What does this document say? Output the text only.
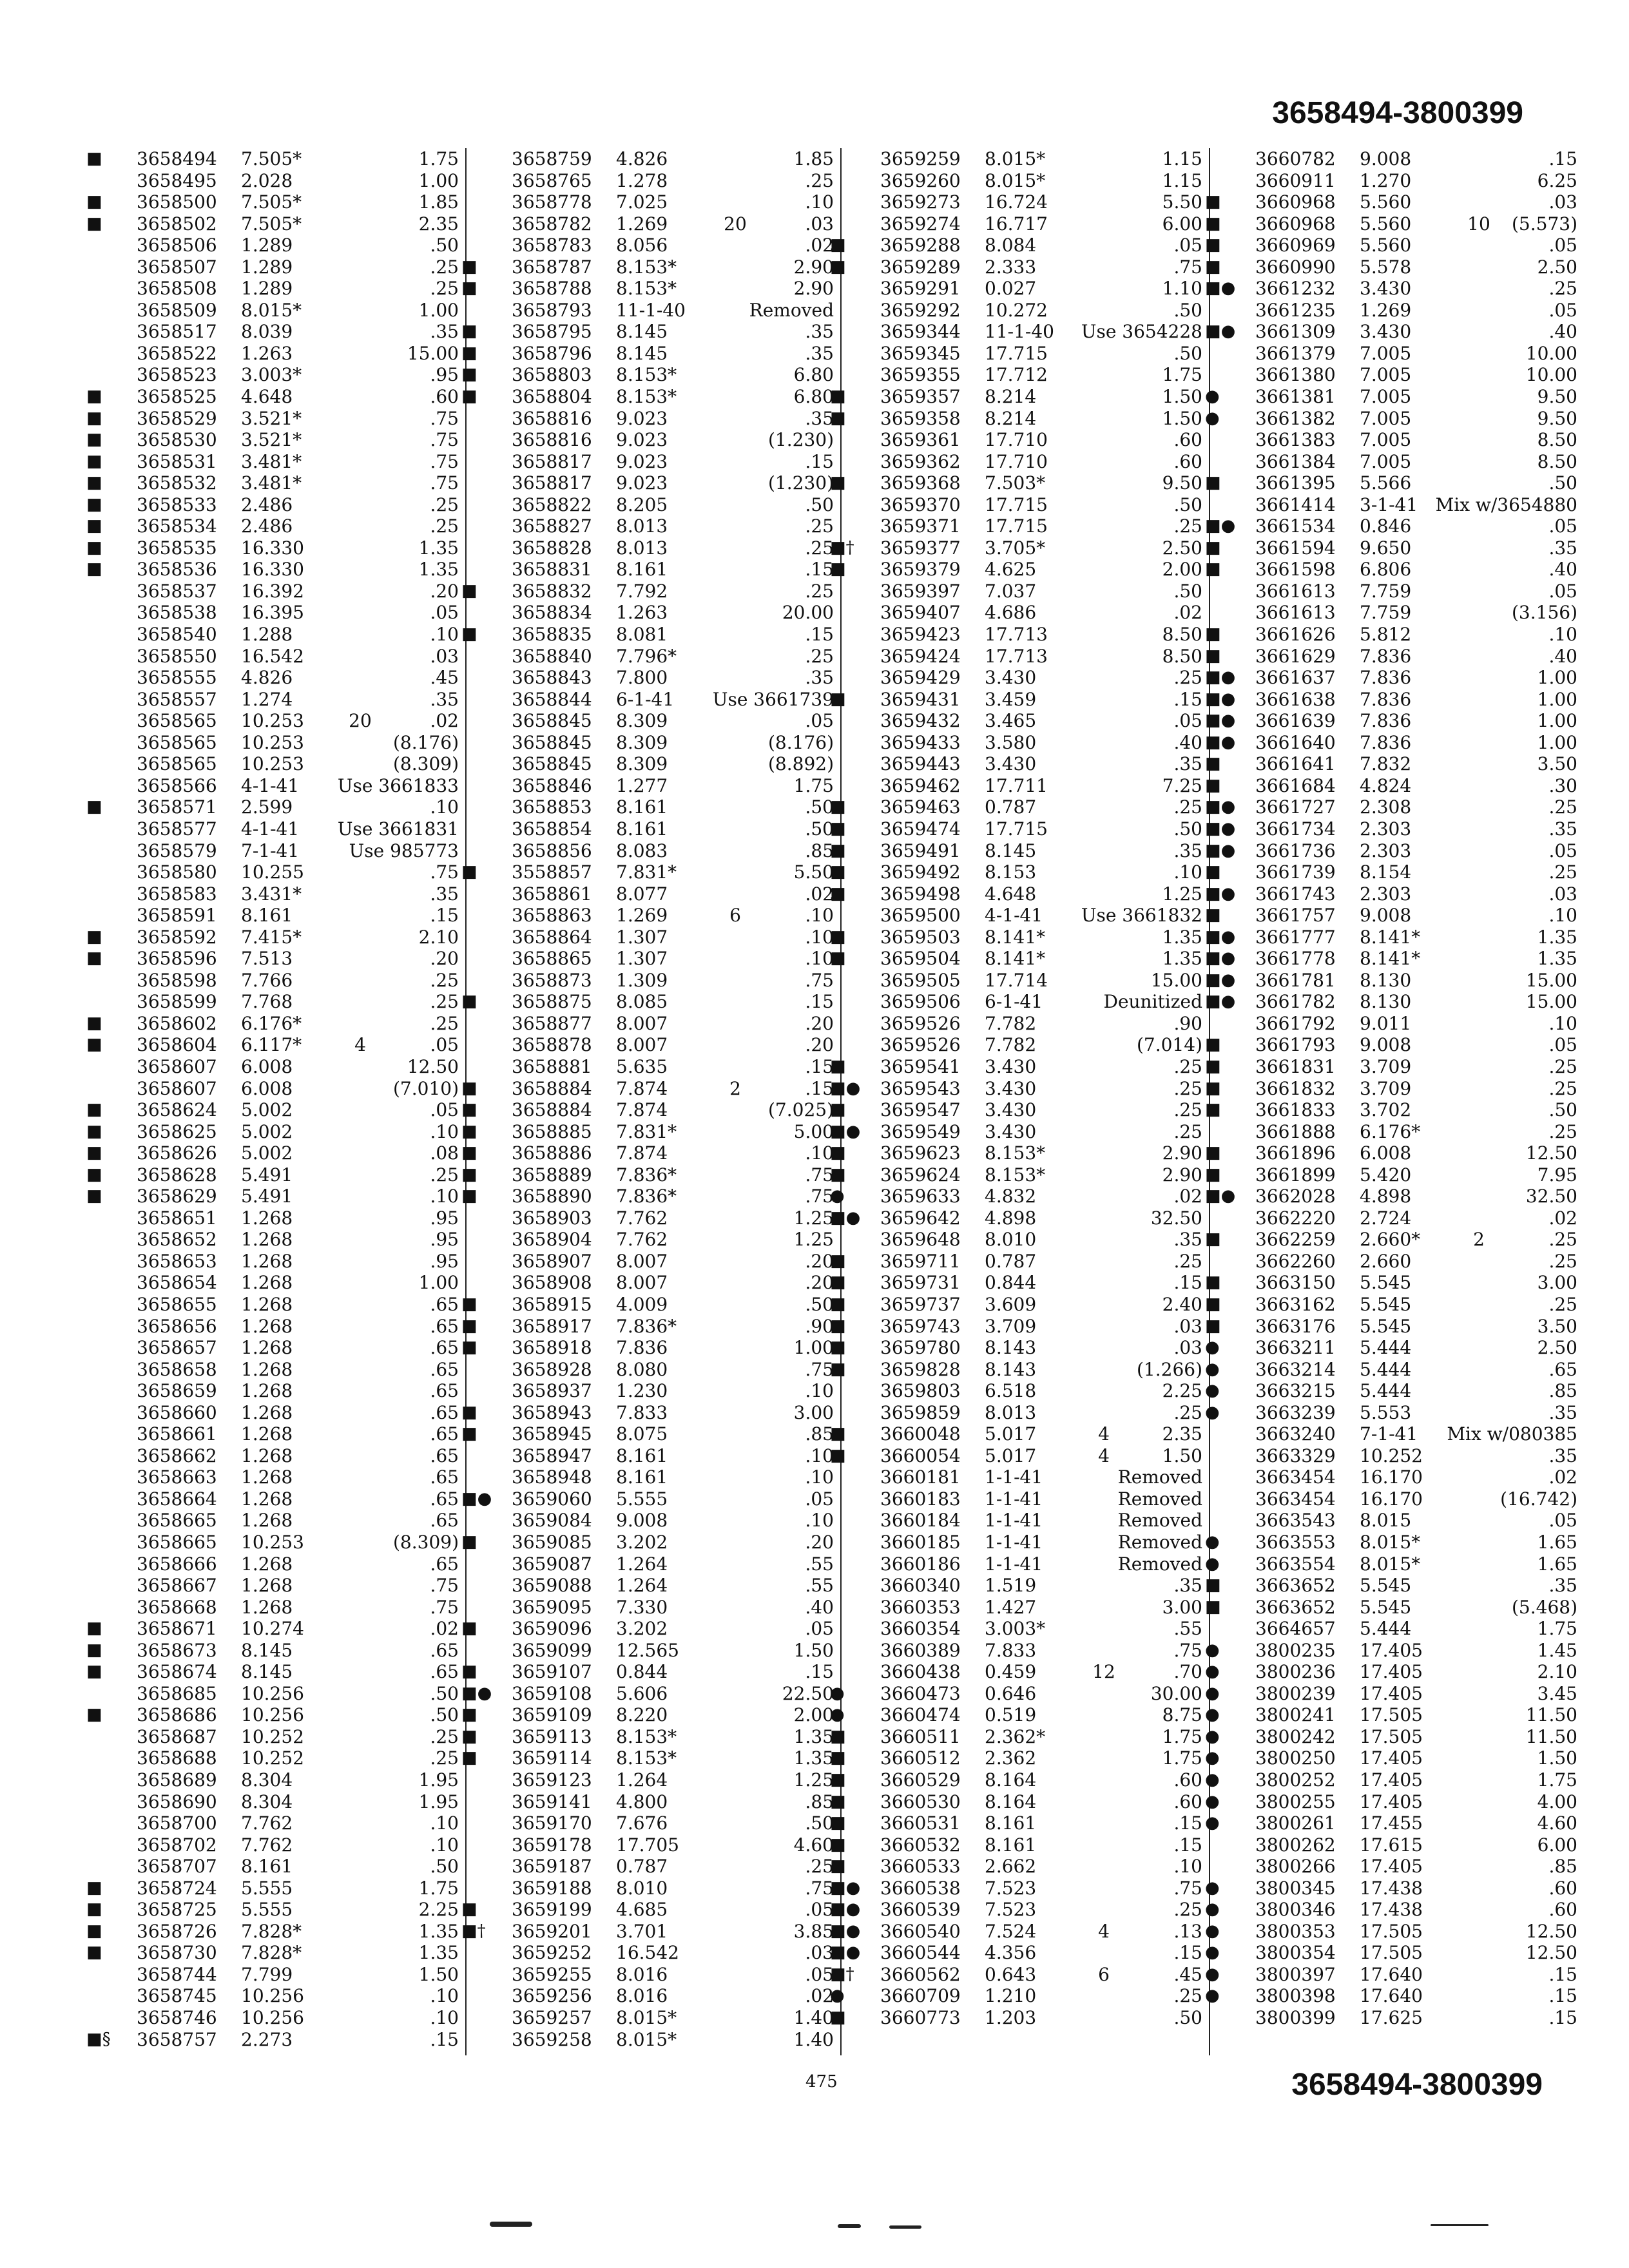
3658494-3800399
■	3658494	7.505*	1.75
3658495	2.028	1.00
■	3658500	7.505*	1.85
■	3658502	7.505*	2.35
3658506	1.289	.50
3658507	1.289	.25
3658508	1.289	.25
3658509	8.015*	1.00
3658517	8.039	.35
3658522	1.263	15.00
3658523	3.003*	.95
■	3658525	4.648	.60
■	3658529	3.521*	.75
■	3658530	3.521*	.75
■	3658531	3.481*	.75
■	3658532	3.481*	.75
■	3658533	2.486	.25
■	3658534	2.486	.25
■	3658535	16.330	1.35
■	3658536	16.330	1.35
3658537	16.392	.20
3658538	16.395	.05
3658540	1.288	.10
3658550	16.542	.03
3658555	4.826	.45
3658557	1.274	.35
3658565	10.253	20	.02
3658565	10.253	(8.176)
3658565	10.253	(8.309)
3658566	4-1-41	Use 3661833
■	3658571	2.599	.10
3658577	4-1-41	Use 3661831
3658579	7-1-41	Use 985773
3658580	10.255	.75
3658583	3.431*	.35
3658591	8.161	.15
■	3658592	7.415*	2.10
■	3658596	7.513	.20
3658598	7.766	.25
3658599	7.768	.25
■	3658602	6.176*	.25
■	3658604	6.117*	4	.05
3658607	6.008	12.50
3658607	6.008	(7.010)
■	3658624	5.002	.05
■	3658625	5.002	.10
■	3658626	5.002	.08
■	3658628	5.491	.25
■	3658629	5.491	.10
3658651	1.268	.95
3658652	1.268	.95
3658653	1.268	.95
3658654	1.268	1.00
3658655	1.268	.65
3658656	1.268	.65
3658657	1.268	.65
3658658	1.268	.65
3658659	1.268	.65
3658660	1.268	.65
3658661	1.268	.65
3658662	1.268	.65
3658663	1.268	.65
3658664	1.268	.65
3658665	1.268	.65
3658665	10.253	(8.309)
3658666	1.268	.65
3658667	1.268	.75
3658668	1.268	.75
■	3658671	10.274	.02
■	3658673	8.145	.65
■	3658674	8.145	.65
3658685	10.256	.50
■	3658686	10.256	.50
3658687	10.252	.25
3658688	10.252	.25
3658689	8.304	1.95
3658690	8.304	1.95
3658700	7.762	.10
3658702	7.762	.10
3658707	8.161	.50
■	3658724	5.555	1.75
■	3658725	5.555	2.25
■	3658726	7.828*	1.35
■	3658730	7.828*	1.35
3658744	7.799	1.50
3658745	10.256	.10
3658746	10.256	.10
■§	3658757	2.273	.15
3658759	4.826	1.85
3658765	1.278	.25
3658778	7.025	.10
3658782	1.269	20	.03
3658783	8.056	.02
■	3658787	8.153*	2.90
■	3658788	8.153*	2.90
3658793	11-1-40	Removed
■	3658795	8.145	.35
■	3658796	8.145	.35
■	3658803	8.153*	6.80
■	3658804	8.153*	6.80
3658816	9.023	.35
3658816	9.023	(1.230)
3658817	9.023	.15
3658817	9.023	(1.230)
3658822	8.205	.50
3658827	8.013	.25
3658828	8.013	.25
3658831	8.161	.15
■	3658832	7.792	.25
3658834	1.263	20.00
■	3658835	8.081	.15
3658840	7.796*	.25
3658843	7.800	.35
3658844	6-1-41	Use 3661739
3658845	8.309	.05
3658845	8.309	(8.176)
3658845	8.309	(8.892)
3658846	1.277	1.75
3658853	8.161	.50
3658854	8.161	.50
3658856	8.083	.85
■	3558857	7.831*	5.50
3658861	8.077	.02
3658863	1.269	6	.10
3658864	1.307	.10
3658865	1.307	.10
3658873	1.309	.75
■	3658875	8.085	.15
3658877	8.007	.20
3658878	8.007	.20
3658881	5.635	.15
■	3658884	7.874	2	.15
■	3658884	7.874	(7.025)
■	3658885	7.831*	5.00
■	3658886	7.874	.10
■	3658889	7.836*	.75
■	3658890	7.836*	.75
3658903	7.762	1.25
3658904	7.762	1.25
3658907	8.007	.20
3658908	8.007	.20
■	3658915	4.009	.50
■	3658917	7.836*	.90
■	3658918	7.836	1.00
3658928	8.080	.75
3658937	1.230	.10
■	3658943	7.833	3.00
■	3658945	8.075	.85
3658947	8.161	.10
3658948	8.161	.10
■●	3659060	5.555	.05
3659084	9.008	.10
■	3659085	3.202	.20
3659087	1.264	.55
3659088	1.264	.55
3659095	7.330	.40
■	3659096	3.202	.05
3659099	12.565	1.50
■	3659107	0.844	.15
■●	3659108	5.606	22.50
■	3659109	8.220	2.00
■	3659113	8.153*	1.35
■	3659114	8.153*	1.35
3659123	1.264	1.25
3659141	4.800	.85
3659170	7.676	.50
3659178	17.705	4.60
3659187	0.787	.25
3659188	8.010	.75
■	3659199	4.685	.05
■†	3659201	3.701	3.85
3659252	16.542	.03
3659255	8.016	.05
3659256	8.016	.02
3659257	8.015*	1.40
3659258	8.015*	1.40
3659259	8.015*	1.15
3659260	8.015*	1.15
3659273	16.724	5.50
3659274	16.717	6.00
■	3659288	8.084	.05
■	3659289	2.333	.75
3659291	0.027	1.10
3659292	10.272	.50
3659344	11-1-40	Use 3654228
3659345	17.715	.50
3659355	17.712	1.75
■	3659357	8.214	1.50
■	3659358	8.214	1.50
3659361	17.710	.60
3659362	17.710	.60
■	3659368	7.503*	9.50
3659370	17.715	.50
3659371	17.715	.25
■†	3659377	3.705*	2.50
■	3659379	4.625	2.00
3659397	7.037	.50
3659407	4.686	.02
3659423	17.713	8.50
3659424	17.713	8.50
3659429	3.430	.25
■	3659431	3.459	.15
3659432	3.465	.05
3659433	3.580	.40
3659443	3.430	.35
3659462	17.711	7.25
■	3659463	0.787	.25
■	3659474	17.715	.50
■	3659491	8.145	.35
■	3659492	8.153	.10
■	3659498	4.648	1.25
3659500	4-1-41	Use 3661832
■	3659503	8.141*	1.35
■	3659504	8.141*	1.35
3659505	17.714	15.00
3659506	6-1-41	Deunitized
3659526	7.782	.90
3659526	7.782	(7.014)
■	3659541	3.430	.25
■●	3659543	3.430	.25
■	3659547	3.430	.25
■●	3659549	3.430	.25
■	3659623	8.153*	2.90
■	3659624	8.153*	2.90
●	3659633	4.832	.02
■●	3659642	4.898	32.50
3659648	8.010	.35
■	3659711	0.787	.25
■	3659731	0.844	.15
■	3659737	3.609	2.40
■	3659743	3.709	.03
■	3659780	8.143	.03
■	3659828	8.143	(1.266)
3659803	6.518	2.25
3659859	8.013	.25
■	3660048	5.017	4	2.35
■	3660054	5.017	4	1.50
3660181	1-1-41	Removed
3660183	1-1-41	Removed
3660184	1-1-41	Removed
3660185	1-1-41	Removed
3660186	1-1-41	Removed
3660340	1.519	.35
3660353	1.427	3.00
3660354	3.003*	.55
3660389	7.833	.75
3660438	0.459	12	.70
●	3660473	0.646	30.00
●	3660474	0.519	8.75
■	3660511	2.362*	1.75
■	3660512	2.362	1.75
■	3660529	8.164	.60
■	3660530	8.164	.60
■	3660531	8.161	.15
■	3660532	8.161	.15
■	3660533	2.662	.10
■●	3660538	7.523	.75
■●	3660539	7.523	.25
■●	3660540	7.524	4	.13
■●	3660544	4.356	.15
■†	3660562	0.643	6	.45
●	3660709	1.210	.25
■	3660773	1.203	.50
3660782	9.008	.15
3660911	1.270	6.25
■	3660968	5.560	.03
■	3660968	5.560	10	(5.573)
■	3660969	5.560	.05
■	3660990	5.578	2.50
■●	3661232	3.430	.25
3661235	1.269	.05
■●	3661309	3.430	.40
3661379	7.005	10.00
3661380	7.005	10.00
●	3661381	7.005	9.50
●	3661382	7.005	9.50
3661383	7.005	8.50
3661384	7.005	8.50
■	3661395	5.566	.50
3661414	3-1-41 Mix w/3654880
■●	3661534	0.846	.05
■	3661594	9.650	.35
■	3661598	6.806	.40
3661613	7.759	.05
3661613	7.759	(3.156)
■	3661626	5.812	.10
■	3661629	7.836	.40
■●	3661637	7.836	1.00
■●	3661638	7.836	1.00
■●	3661639	7.836	1.00
■●	3661640	7.836	1.00
■	3661641	7.832	3.50
■	3661684	4.824	.30
■●	3661727	2.308	.25
■●	3661734	2.303	.35
■●	3661736	2.303	.05
■	3661739	8.154	.25
■●	3661743	2.303	.03
■	3661757	9.008	.10
■●	3661777	8.141*	1.35
■●	3661778	8.141*	1.35
■●	3661781	8.130	15.00
■●	3661782	8.130	15.00
3661792	9.011	.10
■	3661793	9.008	.05
■	3661831	3.709	.25
■	3661832	3.709	.25
■	3661833	3.702	.50
3661888	6.176*	.25
■	3661896	6.008	12.50
■	3661899	5.420	7.95
■●	3662028	4.898	32.50
3662220	2.724	.02
■	3662259	2.660*	2	.25
3662260	2.660	.25
■	3663150	5.545	3.00
■	3663162	5.545	.25
■	3663176	5.545	3.50
●	3663211	5.444	2.50
●	3663214	5.444	.65
●	3663215	5.444	.85
●	3663239	5.553	.35
3663240	7-1-41	Mix w/080385
3663329	10.252	.35
3663454	16.170	.02
3663454	16.170	(16.742)
3663543	8.015	.05
●	3663553	8.015*	1.65
●	3663554	8.015*	1.65
■	3663652	5.545	.35
■	3663652	5.545	(5.468)
3664657	5.444	1.75
●	3800235	17.405	1.45
●	3800236	17.405	2.10
●	3800239	17.405	3.45
●	3800241	17.505	11.50
●	3800242	17.505	11.50
●	3800250	17.405	1.50
●	3800252	17.405	1.75
●	3800255	17.405	4.00
●	3800261	17.455	4.60
3800262	17.615	6.00
3800266	17.405	.85
●	3800345	17.438	.60
●	3800346	17.438	.60
●	3800353	17.505	12.50
●	3800354	17.505	12.50
●	3800397	17.640	.15
●	3800398	17.640	.15
3800399	17.625	.15
475	3658494-3800399
